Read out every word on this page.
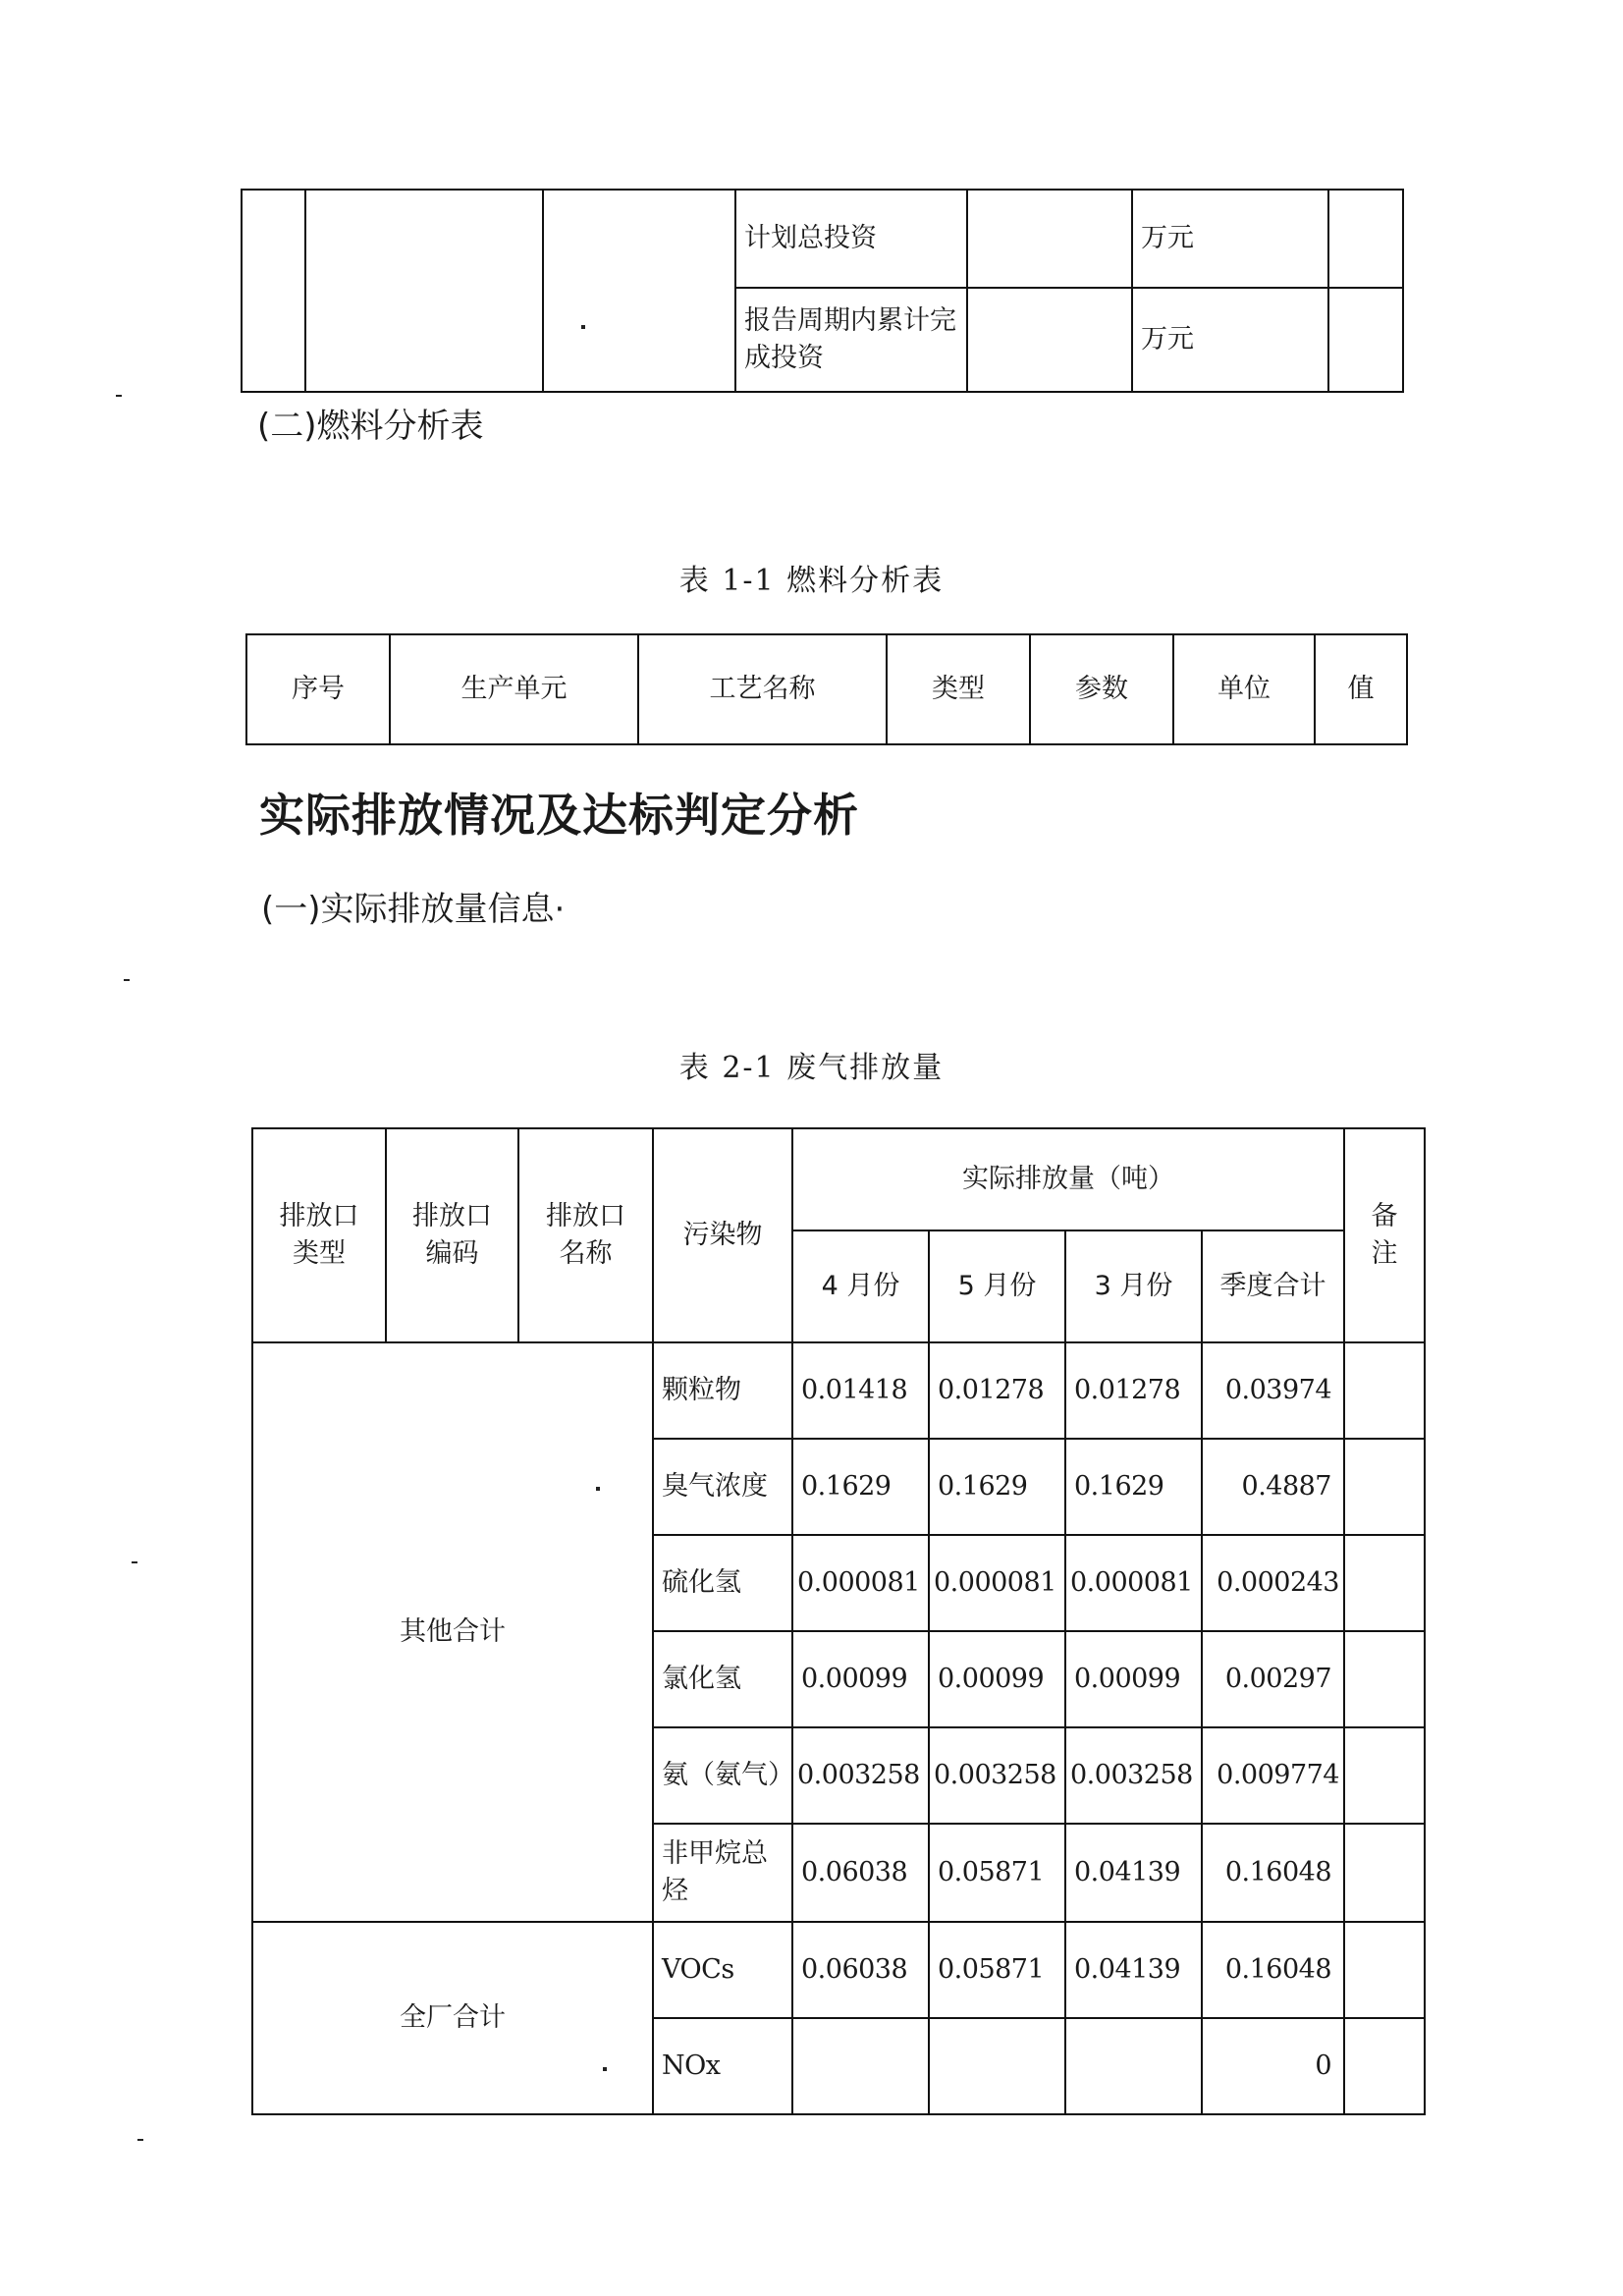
			计划总投资		万元	
			报告周期内累计完成投资		万元	
(二)燃料分析表
表 1-1 燃料分析表
序号	生产单元	工艺名称	类型	参数	单位	值
实际排放情况及达标判定分析
(一)实际排放量信息·
表 2-1 废气排放量
排放口类型	排放口编码	排放口名称	污染物	实际排放量（吨）				备注
				4 月份	5 月份	3 月份	季度合计	
其他合计			颗粒物	0.01418	0.01278	0.01278	0.03974	
			臭气浓度	0.1629	0.1629	0.1629	0.4887	
			硫化氢	0.000081	0.000081	0.000081	0.000243	
			氯化氢	0.00099	0.00099	0.00099	0.00297	
			氨（氨气）	0.003258	0.003258	0.003258	0.009774	
			非甲烷总烃	0.06038	0.05871	0.04139	0.16048	
全厂合计			VOCs	0.06038	0.05871	0.04139	0.16048	
			NOx				0	
